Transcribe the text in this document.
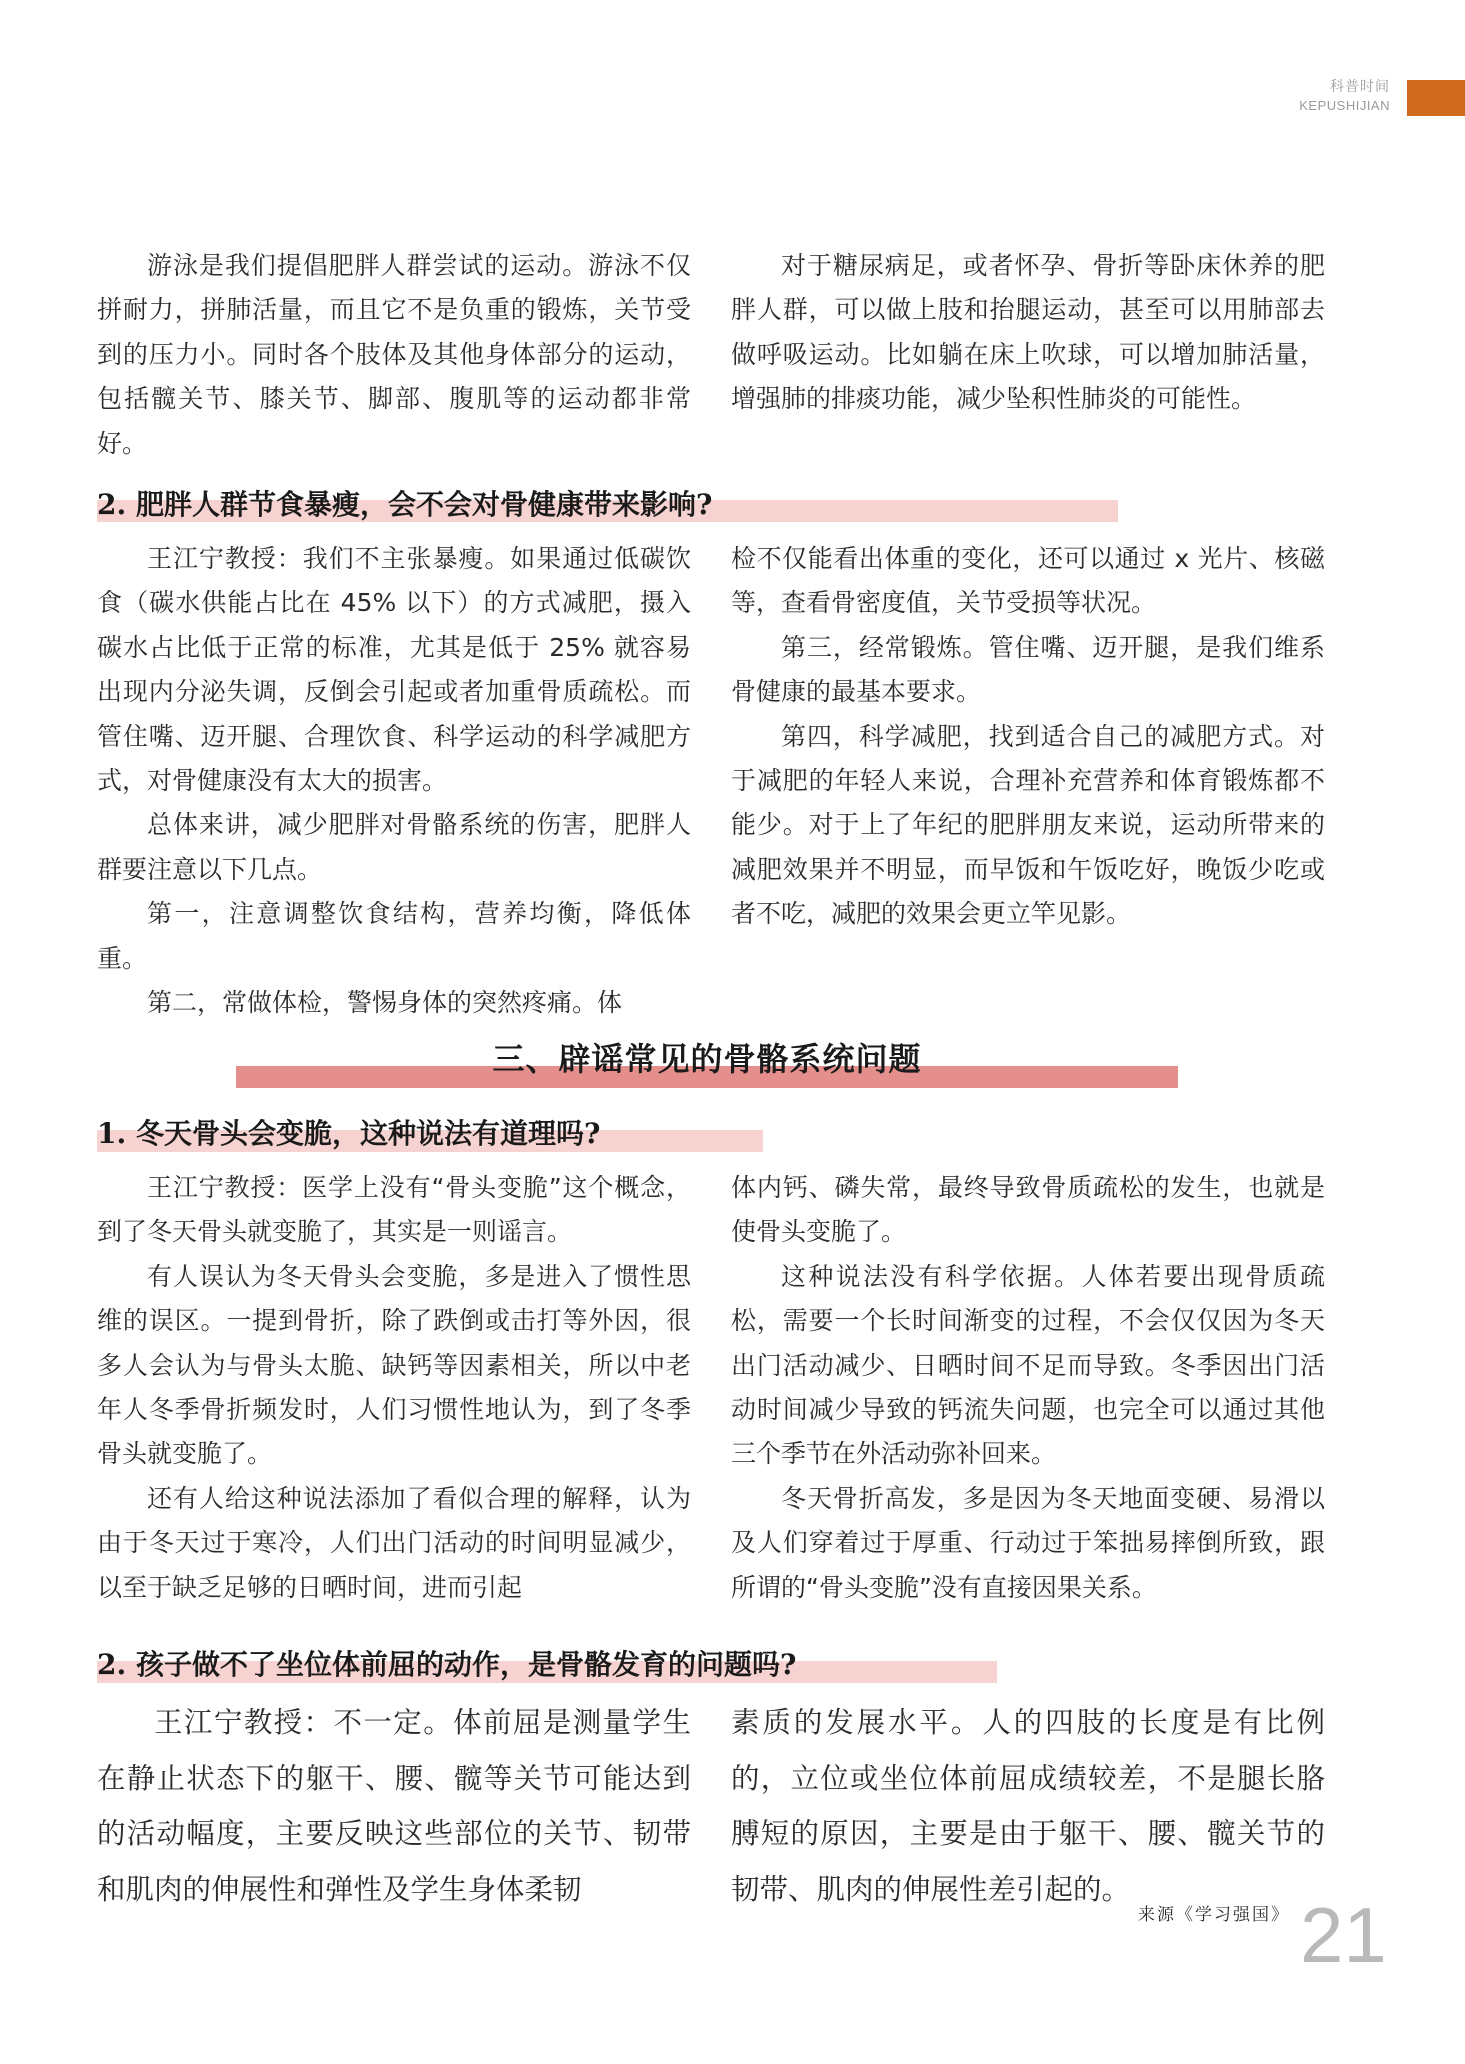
科普时间
KEPUSHIJIAN

游泳是我们提倡肥胖人群尝试的运动。游泳不仅拼耐力，拼肺活量，而且它不是负重的锻炼，关节受到的压力小。同时各个肢体及其他身体部分的运动，包括髋关节、膝关节、脚部、腹肌等的运动都非常好。

对于糖尿病足，或者怀孕、骨折等卧床休养的肥胖人群，可以做上肢和抬腿运动，甚至可以用肺部去做呼吸运动。比如躺在床上吹球，可以增加肺活量，增强肺的排痰功能，减少坠积性肺炎的可能性。

2. 肥胖人群节食暴瘦，会不会对骨健康带来影响?

王江宁教授：我们不主张暴瘦。如果通过低碳饮食（碳水供能占比在 45% 以下）的方式减肥，摄入碳水占比低于正常的标准，尤其是低于 25% 就容易出现内分泌失调，反倒会引起或者加重骨质疏松。而管住嘴、迈开腿、合理饮食、科学运动的科学减肥方式，对骨健康没有太大的损害。

总体来讲，减少肥胖对骨骼系统的伤害，肥胖人群要注意以下几点。

第一，注意调整饮食结构，营养均衡，降低体重。

第二，常做体检，警惕身体的突然疼痛。体

检不仅能看出体重的变化，还可以通过 x 光片、核磁等，查看骨密度值，关节受损等状况。

第三，经常锻炼。管住嘴、迈开腿，是我们维系骨健康的最基本要求。

第四，科学减肥，找到适合自己的减肥方式。对于减肥的年轻人来说，合理补充营养和体育锻炼都不能少。对于上了年纪的肥胖朋友来说，运动所带来的减肥效果并不明显，而早饭和午饭吃好，晚饭少吃或者不吃，减肥的效果会更立竿见影。

三、辟谣常见的骨骼系统问题
1. 冬天骨头会变脆，这种说法有道理吗?

王江宁教授：医学上没有“骨头变脆”这个概念，到了冬天骨头就变脆了，其实是一则谣言。

有人误认为冬天骨头会变脆，多是进入了惯性思维的误区。一提到骨折，除了跌倒或击打等外因，很多人会认为与骨头太脆、缺钙等因素相关，所以中老年人冬季骨折频发时，人们习惯性地认为，到了冬季骨头就变脆了。

还有人给这种说法添加了看似合理的解释，认为由于冬天过于寒冷，人们出门活动的时间明显减少，以至于缺乏足够的日晒时间，进而引起

体内钙、磷失常，最终导致骨质疏松的发生，也就是使骨头变脆了。

这种说法没有科学依据。人体若要出现骨质疏松，需要一个长时间渐变的过程，不会仅仅因为冬天出门活动减少、日晒时间不足而导致。冬季因出门活动时间减少导致的钙流失问题，也完全可以通过其他三个季节在外活动弥补回来。

冬天骨折高发，多是因为冬天地面变硬、易滑以及人们穿着过于厚重、行动过于笨拙易摔倒所致，跟所谓的“骨头变脆”没有直接因果关系。

2. 孩子做不了坐位体前屈的动作，是骨骼发育的问题吗?

王江宁教授：不一定。体前屈是测量学生在静止状态下的躯干、腰、髋等关节可能达到的活动幅度，主要反映这些部位的关节、韧带和肌肉的伸展性和弹性及学生身体柔韧

素质的发展水平。人的四肢的长度是有比例的，立位或坐位体前屈成绩较差，不是腿长胳膊短的原因，主要是由于躯干、腰、髋关节的韧带、肌肉的伸展性差引起的。

来源《学习强国》 21
